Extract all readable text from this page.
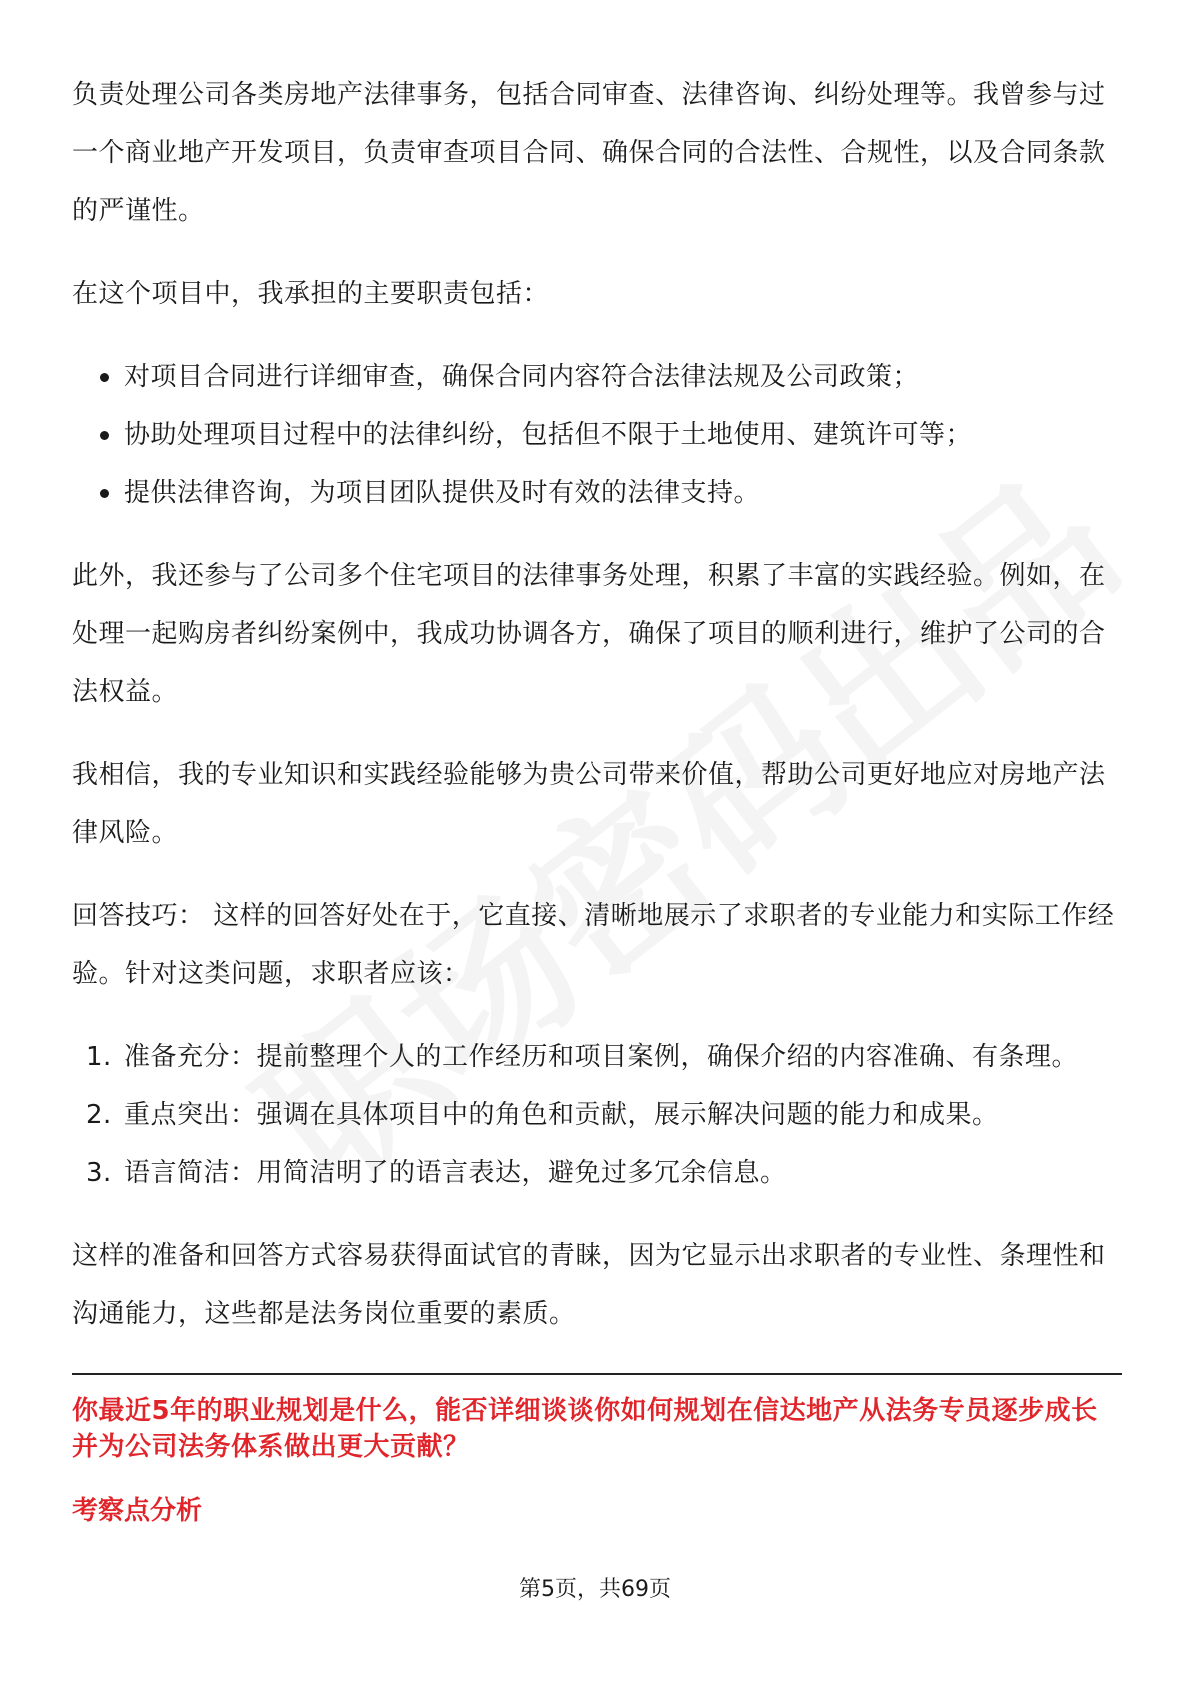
负责处理公司各类房地产法律事务，包括合同审查、法律咨询、纠纷处理等。我曾参与过一个商业地产开发项目，负责审查项目合同、确保合同的合法性、合规性，以及合同条款的严谨性。

在这个项目中，我承担的主要职责包括：

对项目合同进行详细审查，确保合同内容符合法律法规及公司政策；
协助处理项目过程中的法律纠纷，包括但不限于土地使用、建筑许可等；
提供法律咨询，为项目团队提供及时有效的法律支持。

此外，我还参与了公司多个住宅项目的法律事务处理，积累了丰富的实践经验。例如，在处理一起购房者纠纷案例中，我成功协调各方，确保了项目的顺利进行，维护了公司的合法权益。

我相信，我的专业知识和实践经验能够为贵公司带来价值，帮助公司更好地应对房地产法律风险。

回答技巧： 这样的回答好处在于，它直接、清晰地展示了求职者的专业能力和实际工作经验。针对这类问题，求职者应该：

1. 准备充分：提前整理个人的工作经历和项目案例，确保介绍的内容准确、有条理。
2. 重点突出：强调在具体项目中的角色和贡献，展示解决问题的能力和成果。
3. 语言简洁：用简洁明了的语言表达，避免过多冗余信息。

这样的准备和回答方式容易获得面试官的青睐，因为它显示出求职者的专业性、条理性和沟通能力，这些都是法务岗位重要的素质。

你最近5年的职业规划是什么，能否详细谈谈你如何规划在信达地产从法务专员逐步成长并为公司法务体系做出更大贡献？

考察点分析

第5页，共69页
